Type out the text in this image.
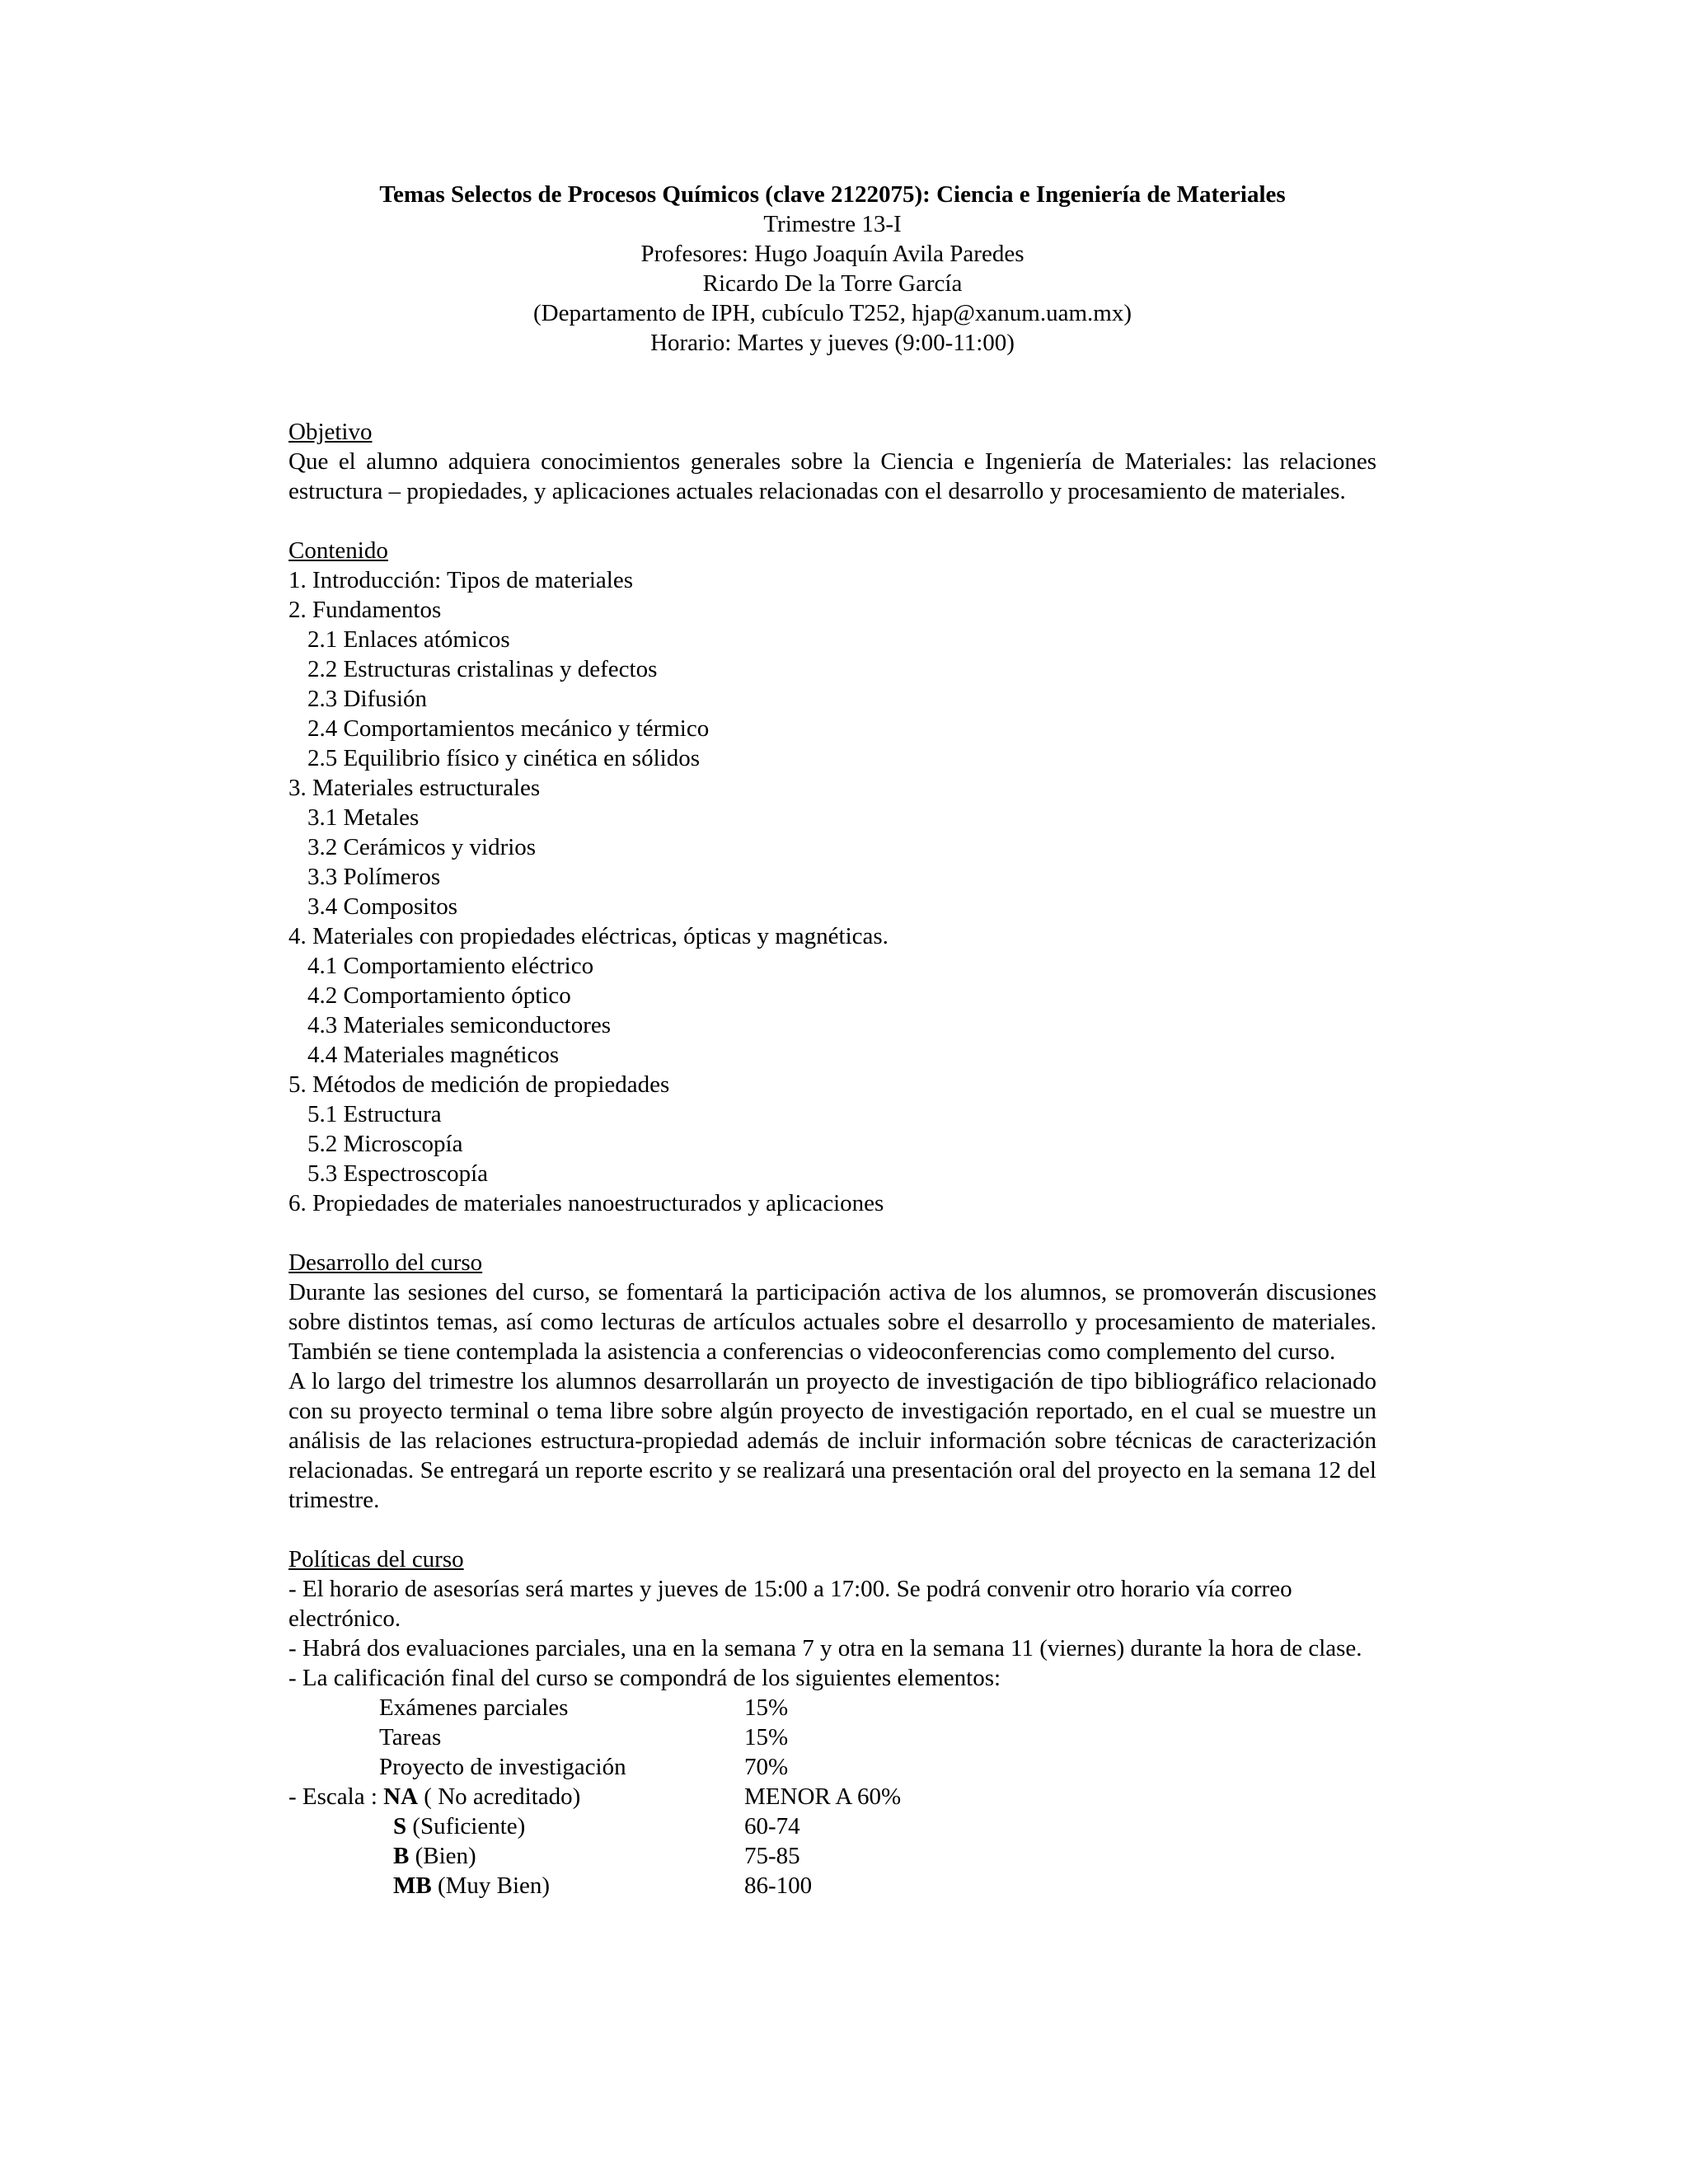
Temas Selectos de Procesos Químicos (clave 2122075): Ciencia e Ingeniería de Materiales
Trimestre 13-I
Profesores: Hugo Joaquín Avila Paredes
Ricardo De la Torre García
(Departamento de IPH, cubículo T252, hjap@xanum.uam.mx)
Horario: Martes y jueves (9:00-11:00)
Objetivo
Que el alumno adquiera conocimientos generales sobre la Ciencia e Ingeniería de Materiales: las relaciones estructura – propiedades, y aplicaciones actuales relacionadas con el desarrollo y procesamiento de materiales.
Contenido
1. Introducción: Tipos de materiales
2. Fundamentos
2.1 Enlaces atómicos
2.2 Estructuras cristalinas y defectos
2.3 Difusión
2.4 Comportamientos mecánico y térmico
2.5 Equilibrio físico y cinética en sólidos
3. Materiales estructurales
3.1 Metales
3.2 Cerámicos y vidrios
3.3 Polímeros
3.4 Compositos
4. Materiales con propiedades eléctricas, ópticas y magnéticas.
4.1 Comportamiento eléctrico
4.2 Comportamiento óptico
4.3 Materiales semiconductores
4.4 Materiales magnéticos
5. Métodos de medición de propiedades
5.1 Estructura
5.2 Microscopía
5.3 Espectroscopía
6. Propiedades de materiales nanoestructurados y aplicaciones
Desarrollo del curso
Durante las sesiones del curso, se fomentará la participación activa de los alumnos, se promoverán discusiones sobre distintos temas, así como lecturas de artículos actuales sobre el desarrollo y procesamiento de materiales. También se tiene contemplada la asistencia a conferencias o videoconferencias como complemento del curso.
A lo largo del trimestre los alumnos desarrollarán un proyecto de investigación de tipo bibliográfico relacionado con su proyecto terminal o tema libre sobre algún proyecto de investigación reportado, en el cual se muestre un análisis de las relaciones estructura-propiedad además de incluir información sobre técnicas de caracterización relacionadas. Se entregará un reporte escrito y se realizará una presentación oral del proyecto en la semana 12 del trimestre.
Políticas del curso
- El horario de asesorías será martes y jueves de 15:00 a 17:00. Se podrá convenir otro horario vía correo electrónico.
- Habrá dos evaluaciones parciales, una en la semana 7 y otra en la semana 11 (viernes) durante la hora de clase.
- La calificación final del curso se compondrá de los siguientes elementos:
Exámenes parciales	15%
Tareas	15%
Proyecto de investigación	70%
- Escala : NA ( No acreditado)	MENOR A 60%
S (Suficiente)	60-74
B (Bien)	75-85
MB (Muy Bien)	86-100
